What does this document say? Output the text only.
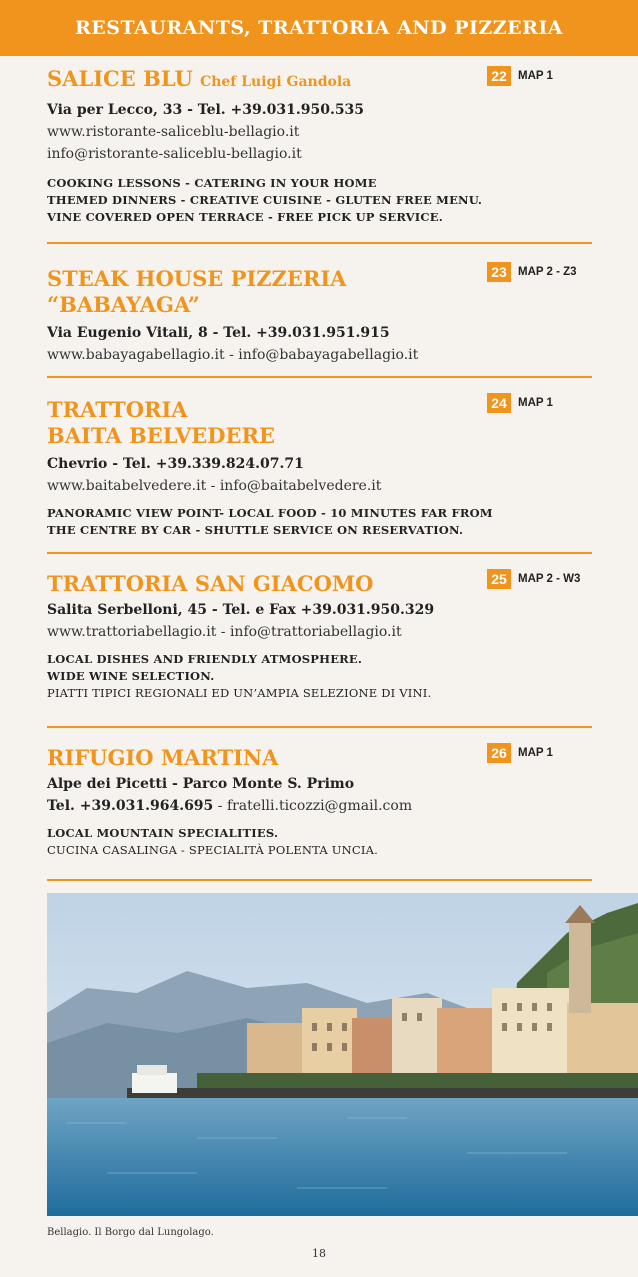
RESTAURANTS, TRATTORIA AND PIZZERIA
22 MAP 1
SALICE BLU Chef Luigi Gandola
Via per Lecco, 33 - Tel. +39.031.950.535
www.ristorante-saliceblu-bellagio.it
info@ristorante-saliceblu-bellagio.it
COOKING LESSONS - CATERING IN YOUR HOME
THEMED DINNERS - CREATIVE CUISINE - GLUTEN FREE MENU.
VINE COVERED OPEN TERRACE - FREE PICK UP SERVICE.
23 MAP 2 - Z3
STEAK HOUSE PIZZERIA
“BABAYAGA”
Via Eugenio Vitali, 8 - Tel. +39.031.951.915
www.babayagabellagio.it - info@babayagabellagio.it
24 MAP 1
TRATTORIA
BAITA BELVEDERE
Chevrio - Tel. +39.339.824.07.71
www.baitabelvedere.it - info@baitabelvedere.it
PANORAMIC VIEW POINT- LOCAL FOOD - 10 MINUTES FAR FROM
THE CENTRE BY CAR - SHUTTLE SERVICE ON RESERVATION.
25 MAP 2 - W3
TRATTORIA SAN GIACOMO
Salita Serbelloni, 45 - Tel. e Fax +39.031.950.329
www.trattoriabellagio.it - info@trattoriabellagio.it
LOCAL DISHES AND FRIENDLY ATMOSPHERE.
WIDE WINE SELECTION.
PIATTI TIPICI REGIONALI ED UN’AMPIA SELEZIONE DI VINI.
26 MAP 1
RIFUGIO MARTINA
Alpe dei Picetti - Parco Monte S. Primo
Tel. +39.031.964.695 - fratelli.ticozzi@gmail.com
LOCAL MOUNTAIN SPECIALITIES.
CUCINA CASALINGA - SPECIALITÀ POLENTA UNCIA.
Bellagio. Il Borgo dal Lungolago.
18
